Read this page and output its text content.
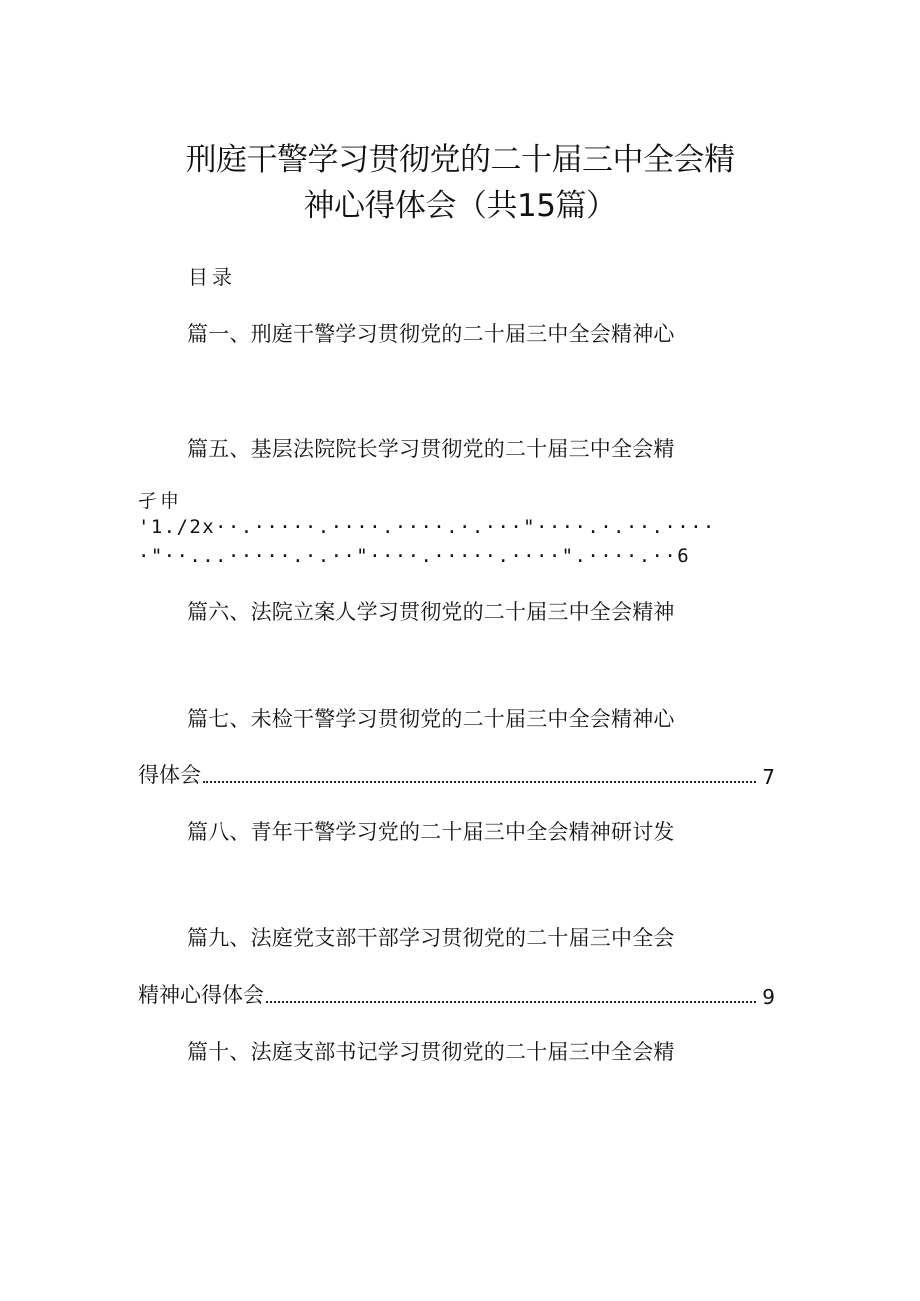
刑庭干警学习贯彻党的二十届三中全会精
神心得体会（共15篇）
目录
篇一、刑庭干警学习贯彻党的二十届三中全会精神心
篇五、基层法院院长学习贯彻党的二十届三中全会精
孑申
'1./2x··.·····.····.····.·.···"····.·.··.····
·"··...·····.·.··"····.·····.····".····.··6
篇六、法院立案人学习贯彻党的二十届三中全会精神
篇七、未检干警学习贯彻党的二十届三中全会精神心
得体会	7
篇八、青年干警学习党的二十届三中全会精神研讨发
篇九、法庭党支部干部学习贯彻党的二十届三中全会
精神心得体会	9
篇十、法庭支部书记学习贯彻党的二十届三中全会精
